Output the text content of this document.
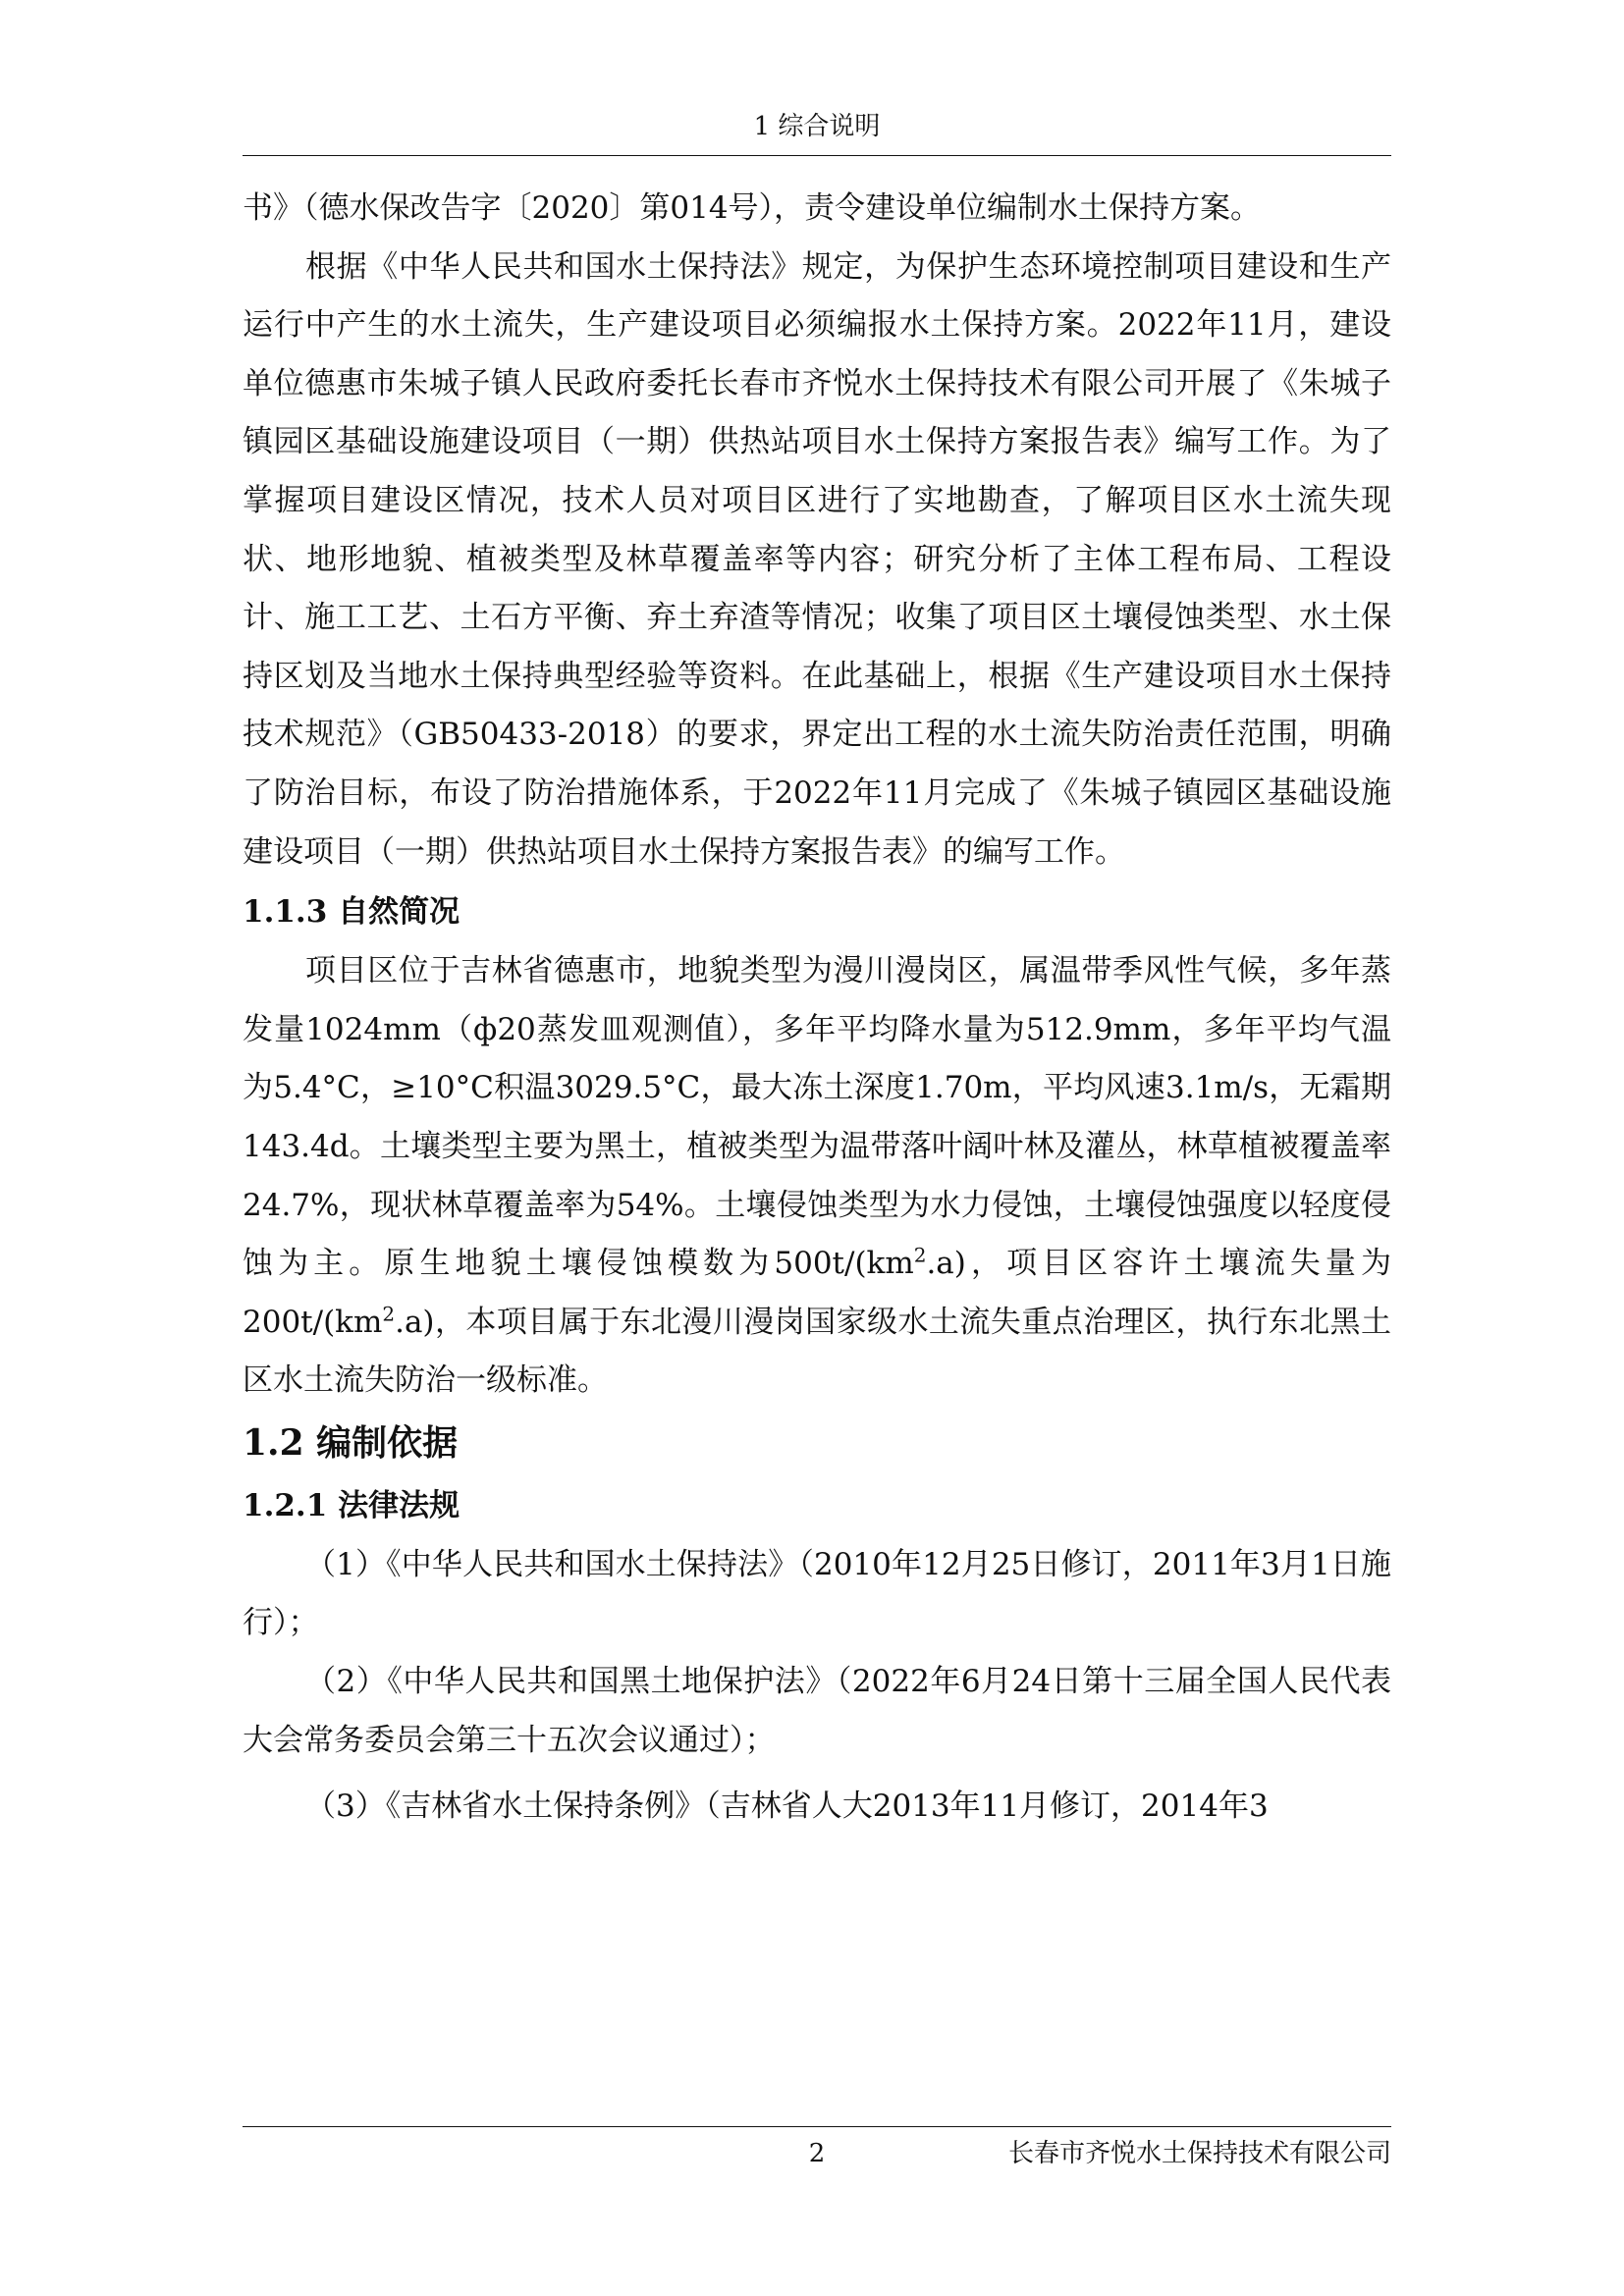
1 综合说明

书》（德水保改告字〔2020〕第014号），责令建设单位编制水土保持方案。

根据《中华人民共和国水土保持法》规定，为保护生态环境控制项目建设和生产运行中产生的水土流失，生产建设项目必须编报水土保持方案。2022年11月，建设单位德惠市朱城子镇人民政府委托长春市齐悦水土保持技术有限公司开展了《朱城子镇园区基础设施建设项目（一期）供热站项目水土保持方案报告表》编写工作。为了掌握项目建设区情况，技术人员对项目区进行了实地勘查，了解项目区水土流失现状、地形地貌、植被类型及林草覆盖率等内容；研究分析了主体工程布局、工程设计、施工工艺、土石方平衡、弃土弃渣等情况；收集了项目区土壤侵蚀类型、水土保持区划及当地水土保持典型经验等资料。在此基础上，根据《生产建设项目水土保持技术规范》（GB50433-2018）的要求，界定出工程的水土流失防治责任范围，明确了防治目标，布设了防治措施体系，于2022年11月完成了《朱城子镇园区基础设施建设项目（一期）供热站项目水土保持方案报告表》的编写工作。

1.1.3 自然简况

项目区位于吉林省德惠市，地貌类型为漫川漫岗区，属温带季风性气候，多年蒸发量1024mm（ф20蒸发皿观测值），多年平均降水量为512.9mm，多年平均气温为5.4°C，≥10°C积温3029.5°C，最大冻土深度1.70m，平均风速3.1m/s，无霜期143.4d。土壤类型主要为黑土，植被类型为温带落叶阔叶林及灌丛，林草植被覆盖率24.7%，现状林草覆盖率为54%。土壤侵蚀类型为水力侵蚀，土壤侵蚀强度以轻度侵蚀为主。原生地貌土壤侵蚀模数为$500t/(km^2.a)$，项目区容许土壤流失量为$200t/(km^2.a)$，本项目属于东北漫川漫岗国家级水土流失重点治理区，执行东北黑土区水土流失防治一级标准。

1.2 编制依据

1.2.1 法律法规

（1）《中华人民共和国水土保持法》（2010年12月25日修订，2011年3月1日施行）；

（2）《中华人民共和国黑土地保护法》（2022年6月24日第十三届全国人民代表大会常务委员会第三十五次会议通过）；

（3）《吉林省水土保持条例》（吉林省人大2013年11月修订，2014年3

2	长春市齐悦水土保持技术有限公司
